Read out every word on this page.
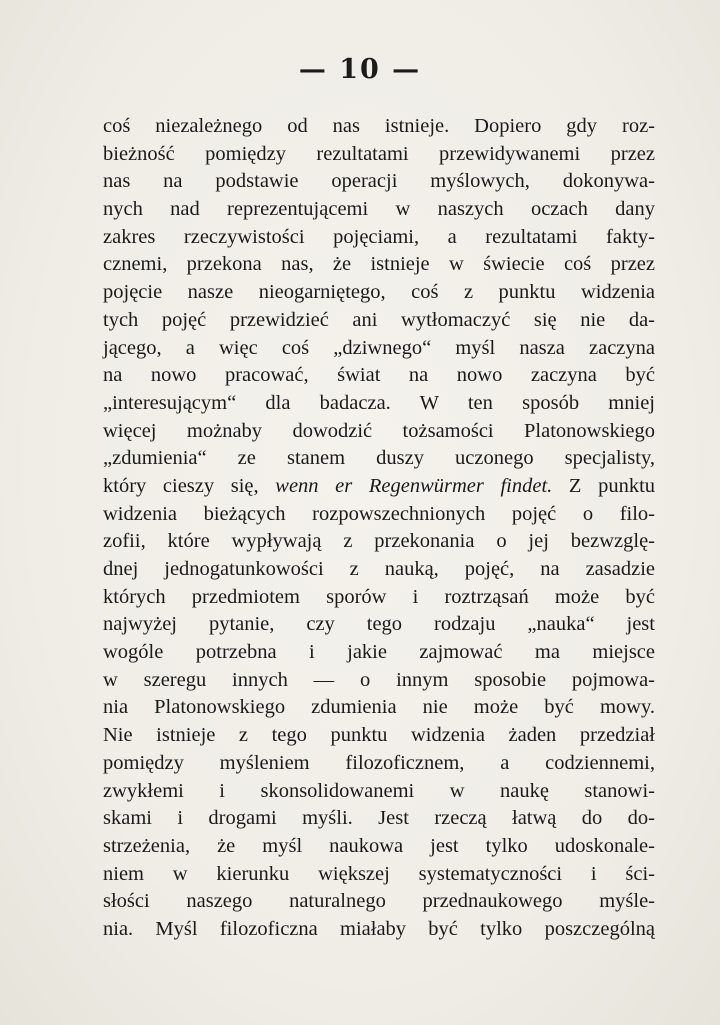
— 10 —
coś niezależnego od nas istnieje. Dopiero gdy roz-
bieżność pomiędzy rezultatami przewidywanemi przez
nas na podstawie operacji myślowych, dokonywa-
nych nad reprezentującemi w naszych oczach dany
zakres rzeczywistości pojęciami, a rezultatami fakty-
cznemi, przekona nas, że istnieje w świecie coś przez
pojęcie nasze nieogarniętego, coś z punktu widzenia
tych pojęć przewidzieć ani wytłomaczyć się nie da-
jącego, a więc coś „dziwnego“ myśl nasza zaczyna
na nowo pracować, świat na nowo zaczyna być
„interesującym“ dla badacza. W ten sposób mniej
więcej możnaby dowodzić tożsamości Platonowskiego
„zdumienia“ ze stanem duszy uczonego specjalisty,
który cieszy się, wenn er Regenwürmer findet. Z punktu
widzenia bieżących rozpowszechnionych pojęć o filo-
zofii, które wypływają z przekonania o jej bezwzglę-
dnej jednogatunkowości z nauką, pojęć, na zasadzie
których przedmiotem sporów i roztrząsań może być
najwyżej pytanie, czy tego rodzaju „nauka“ jest
wogóle potrzebna i jakie zajmować ma miejsce
w szeregu innych — o innym sposobie pojmowa-
nia Platonowskiego zdumienia nie może być mowy.
Nie istnieje z tego punktu widzenia żaden przedział
pomiędzy myśleniem filozoficznem, a codziennemi,
zwykłemi i skonsolidowanemi w naukę stanowi-
skami i drogami myśli. Jest rzeczą łatwą do do-
strzeżenia, że myśl naukowa jest tylko udoskonale-
niem w kierunku większej systematyczności i ści-
słości naszego naturalnego przednaukowego myśle-
nia. Myśl filozoficzna miałaby być tylko poszczególną
